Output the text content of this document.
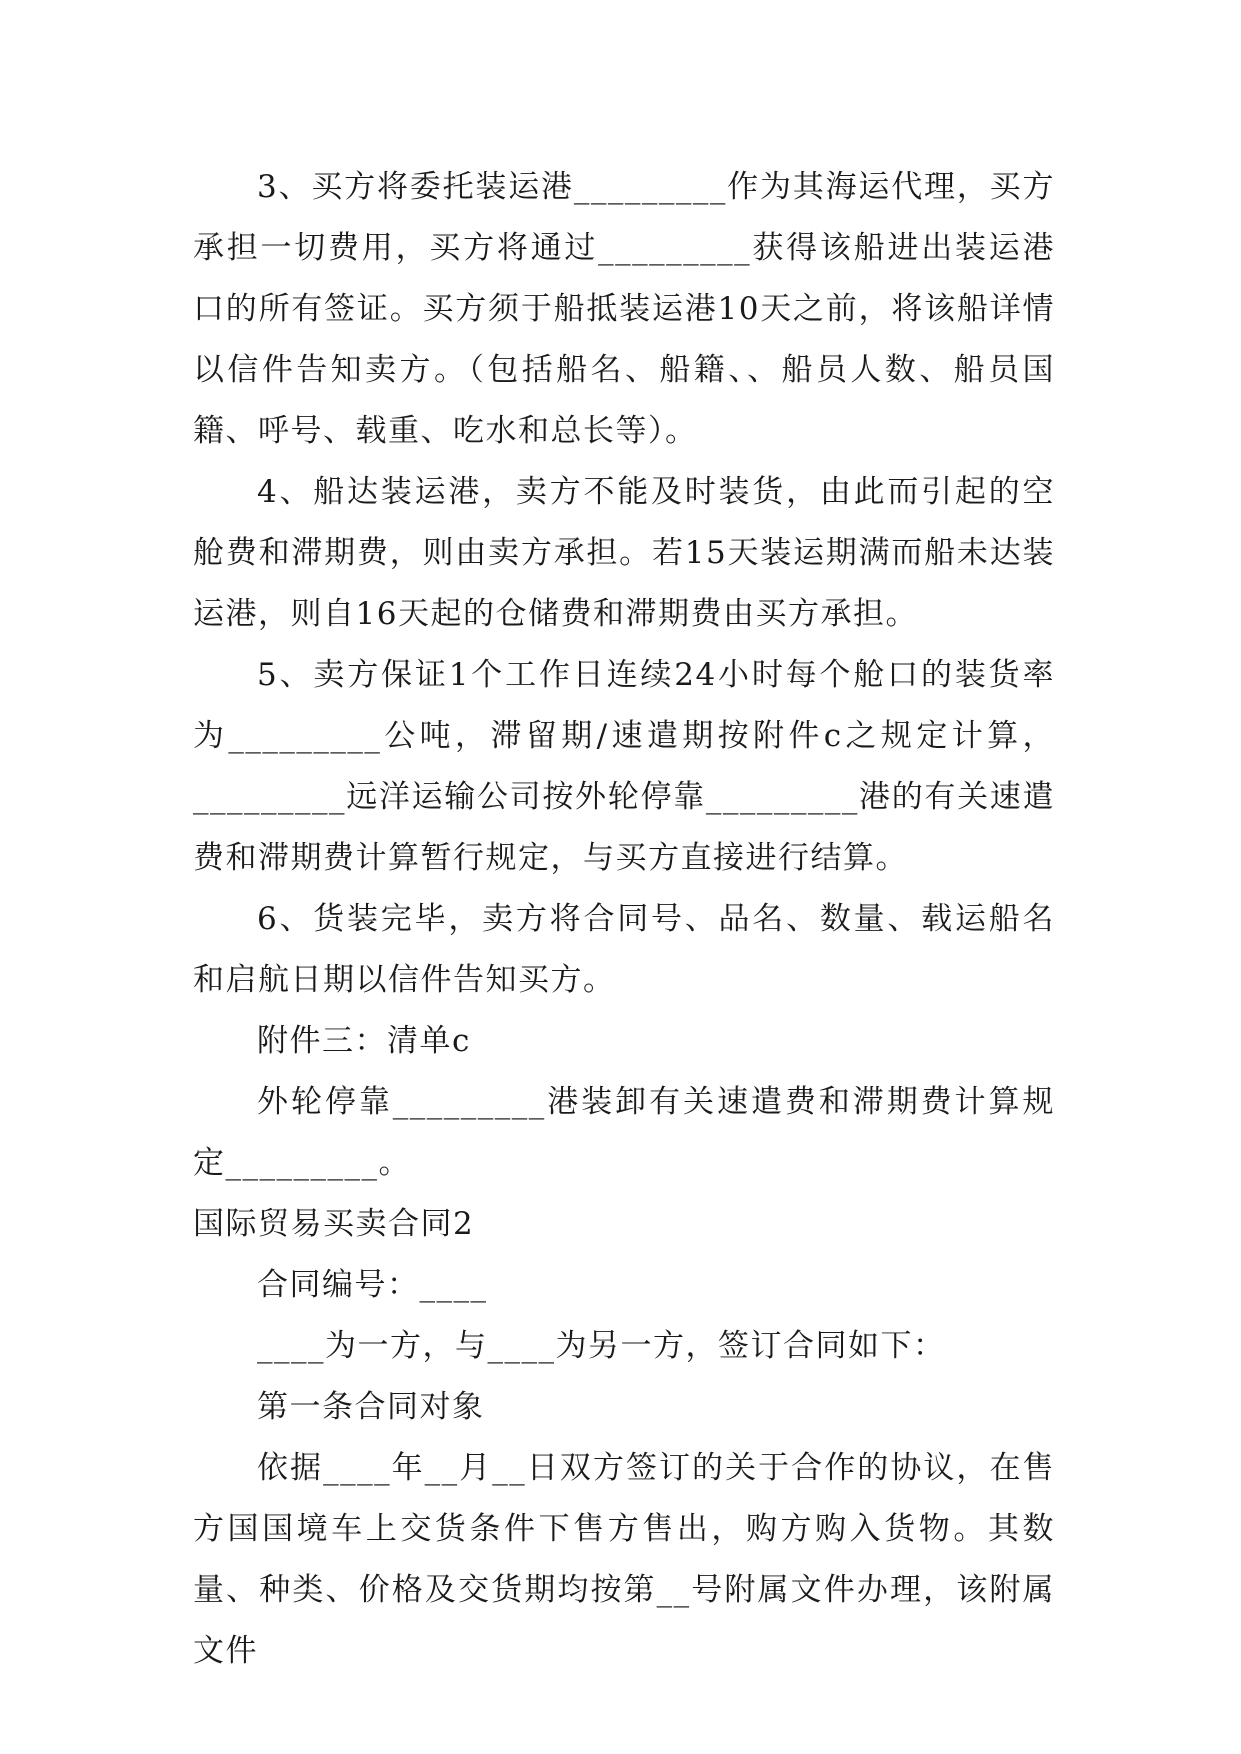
3、买方将委托装运港_________作为其海运代理，买方承担一切费用，买方将通过_________获得该船进出装运港口的所有签证。买方须于船抵装运港10天之前，将该船详情以信件告知卖方。（包括船名、船籍、、船员人数、船员国籍、呼号、载重、吃水和总长等）。

4、船达装运港，卖方不能及时装货，由此而引起的空舱费和滞期费，则由卖方承担。若15天装运期满而船未达装运港，则自16天起的仓储费和滞期费由买方承担。

5、卖方保证1个工作日连续24小时每个舱口的装货率为_________公吨，滞留期/速遣期按附件c之规定计算，_________远洋运输公司按外轮停靠_________港的有关速遣费和滞期费计算暂行规定，与买方直接进行结算。

6、货装完毕，卖方将合同号、品名、数量、载运船名和启航日期以信件告知买方。

附件三：清单c

外轮停靠_________港装卸有关速遣费和滞期费计算规定_________。

国际贸易买卖合同2

合同编号：____

____为一方，与____为另一方，签订合同如下：

第一条合同对象

依据____年__月__日双方签订的关于合作的协议，在售方国国境车上交货条件下售方售出，购方购入货物。其数量、种类、价格及交货期均按第__号附属文件办理，该附属文件
